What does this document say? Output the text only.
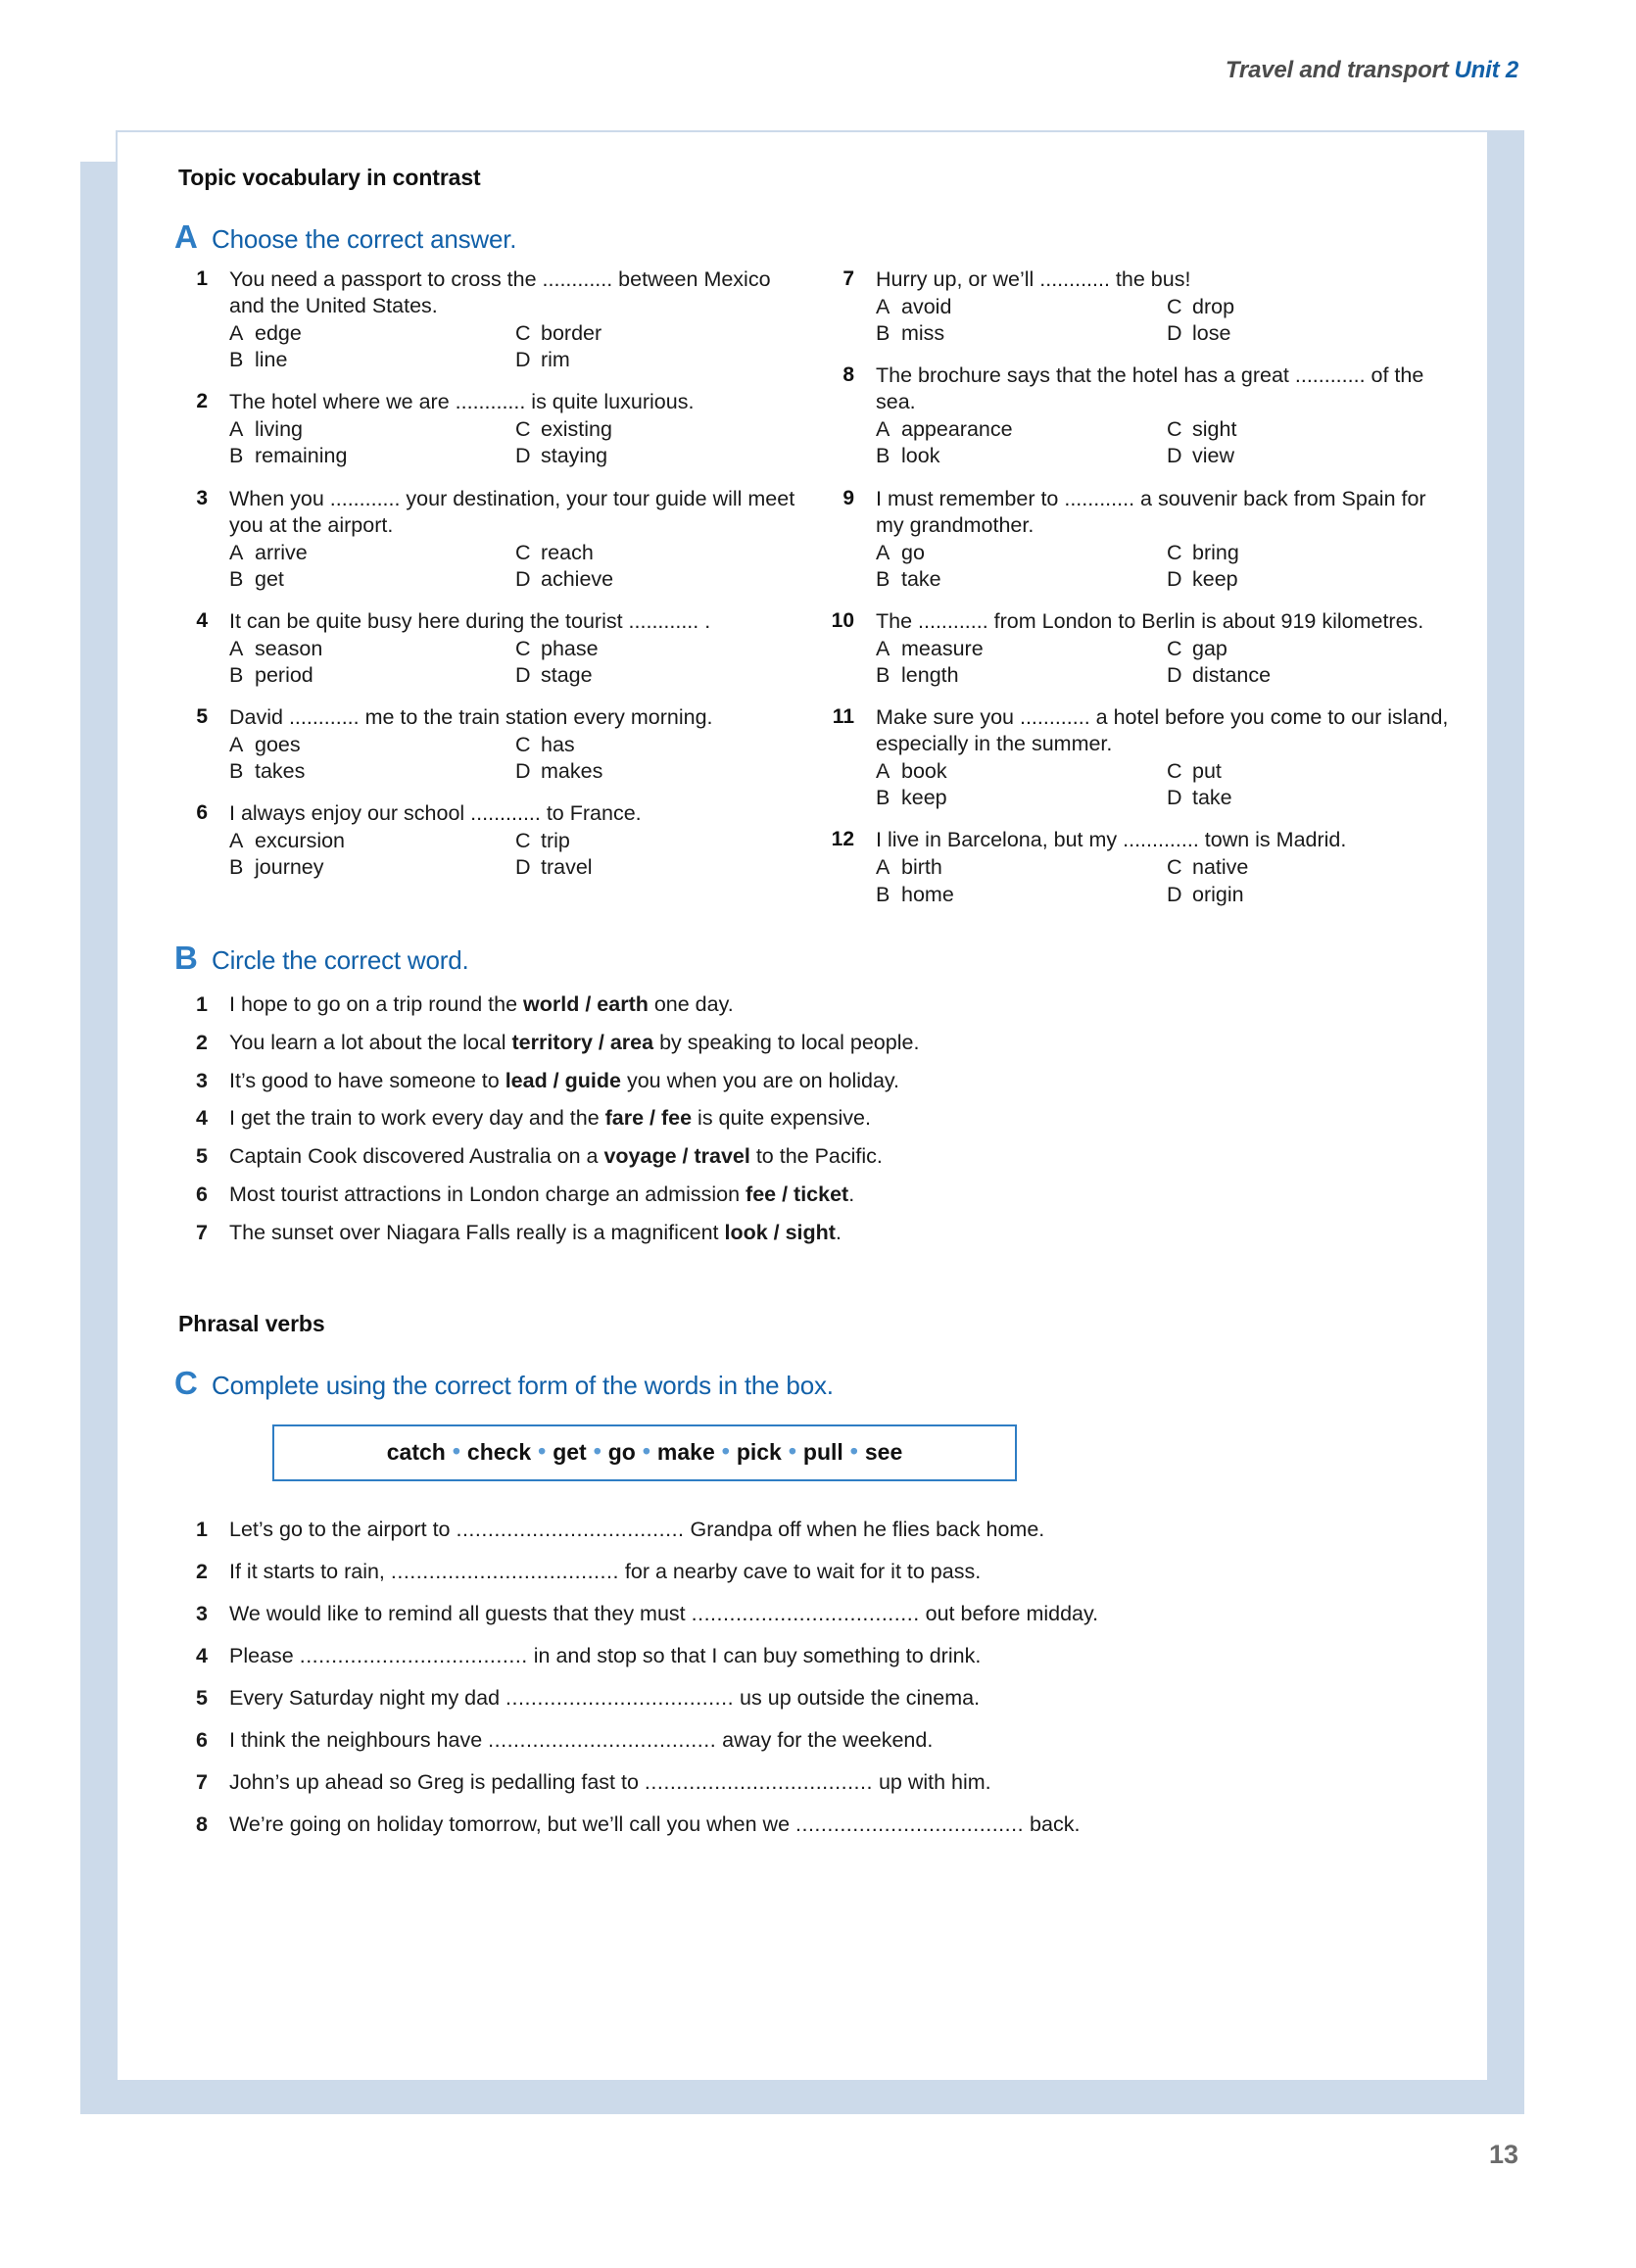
Travel and transport Unit 2
Topic vocabulary in contrast
A Choose the correct answer.
1	You need a passport to cross the ............ between Mexico and the United States.
A edge	C border
B line	D rim
2	The hotel where we are ............ is quite luxurious.
A living	C existing
B remaining	D staying
3	When you ............ your destination, your tour guide will meet you at the airport.
A arrive	C reach
B get	D achieve
4	It can be quite busy here during the tourist ............ .
A season	C phase
B period	D stage
5	David ............ me to the train station every morning.
A goes	C has
B takes	D makes
6	I always enjoy our school ............ to France.
A excursion	C trip
B journey	D travel
7	Hurry up, or we’ll ............ the bus!
A avoid	C drop
B miss	D lose
8	The brochure says that the hotel has a great ............ of the sea.
A appearance	C sight
B look	D view
9	I must remember to ............ a souvenir back from Spain for my grandmother.
A go	C bring
B take	D keep
10	The ............ from London to Berlin is about 919 kilometres.
A measure	C gap
B length	D distance
11	Make sure you ............ a hotel before you come to our island, especially in the summer.
A book	C put
B keep	D take
12	I live in Barcelona, but my ............. town is Madrid.
A birth	C native
B home	D origin
B Circle the correct word.
1	I hope to go on a trip round the world / earth one day.
2	You learn a lot about the local territory / area by speaking to local people.
3	It’s good to have someone to lead / guide you when you are on holiday.
4	I get the train to work every day and the fare / fee is quite expensive.
5	Captain Cook discovered Australia on a voyage / travel to the Pacific.
6	Most tourist attractions in London charge an admission fee / ticket.
7	The sunset over Niagara Falls really is a magnificent look / sight.
Phrasal verbs
C Complete using the correct form of the words in the box.
catch • check • get • go • make • pick • pull • see
1	Let’s go to the airport to .................................... Grandpa off when he flies back home.
2	If it starts to rain, .................................... for a nearby cave to wait for it to pass.
3	We would like to remind all guests that they must .................................... out before midday.
4	Please .................................... in and stop so that I can buy something to drink.
5	Every Saturday night my dad .................................... us up outside the cinema.
6	I think the neighbours have .................................... away for the weekend.
7	John’s up ahead so Greg is pedalling fast to .................................... up with him.
8	We’re going on holiday tomorrow, but we’ll call you when we .................................... back.
13
